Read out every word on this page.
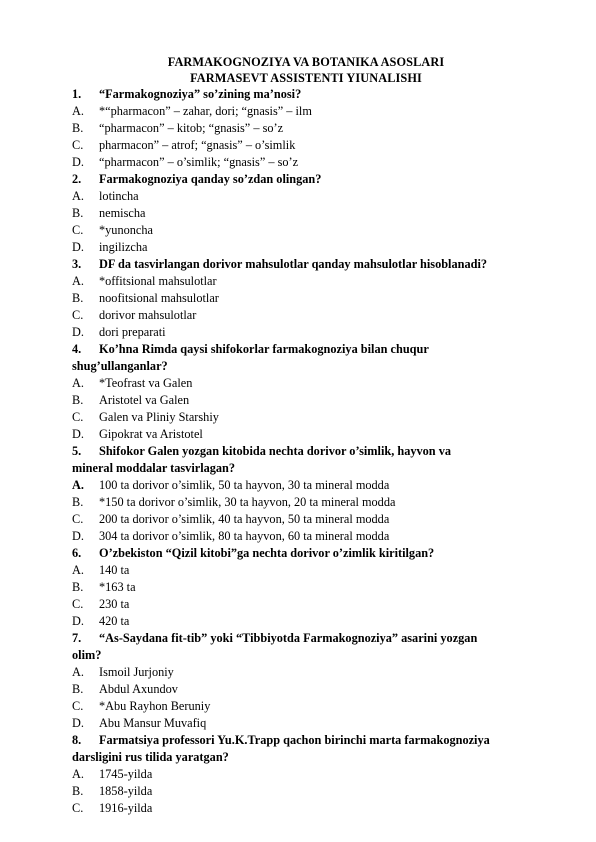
FARMAKOGNOZIYA VA BOTANIKA ASOSLARI
FARMASEVT ASSISTENTI YIUNALISHI
1. “Farmakognoziya” so’zining ma’nosi?
A. *“pharmacon” – zahar, dori; “gnasis” – ilm
B. “pharmacon” – kitob; “gnasis” – so’z
C. pharmacon” – atrof; “gnasis” – o’simlik
D. “pharmacon” – o’simlik; “gnasis” – so’z
2. Farmakognoziya qanday so’zdan olingan?
A. lotincha
B. nemischa
C. *yunoncha
D. ingilizcha
3. DF da tasvirlangan dorivor mahsulotlar qanday mahsulotlar hisoblanadi?
A. *offitsional mahsulotlar
B. noofitsional mahsulotlar
C. dorivor mahsulotlar
D. dori preparati
4. Ko’hna Rimda qaysi shifokorlar farmakognoziya bilan chuqur
shug’ullanganlar?
A. *Teofrast va Galen
B. Aristotel va Galen
C. Galen va Pliniy Starshiy
D. Gipokrat va Aristotel
5. Shifokor Galen yozgan kitobida nechta dorivor o’simlik, hayvon va
mineral moddalar tasvirlagan?
A. 100 ta dorivor o’simlik, 50 ta hayvon, 30 ta mineral modda
B. *150 ta dorivor o’simlik, 30 ta hayvon, 20 ta mineral modda
C. 200 ta dorivor o’simlik, 40 ta hayvon, 50 ta mineral modda
D. 304 ta dorivor o’simlik, 80 ta hayvon, 60 ta mineral modda
6. O’zbekiston “Qizil kitobi”ga nechta dorivor o’zimlik kiritilgan?
A. 140 ta
B. *163 ta
C. 230 ta
D. 420 ta
7. “As-Saydana fit-tib” yoki “Tibbiyotda Farmakognoziya” asarini yozgan
olim?
A. Ismoil Jurjoniy
B. Abdul Axundov
C. *Abu Rayhon Beruniy
D. Abu Mansur Muvafiq
8. Farmatsiya professori Yu.K.Trapp qachon birinchi marta farmakognoziya
darsligini rus tilida yaratgan?
A. 1745-yilda
B. 1858-yilda
C. 1916-yilda
